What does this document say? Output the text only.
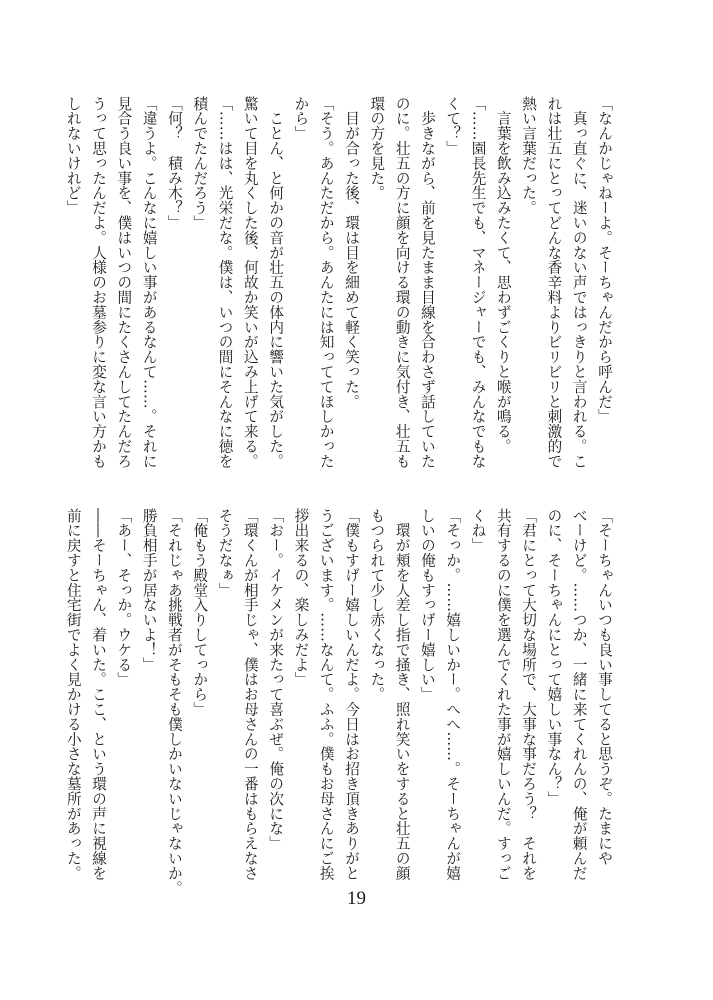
「なんかじゃねーよ。そーちゃんだから呼んだ」
　真っ直ぐに、迷いのない声ではっきりと言われる。こ
れは壮五にとってどんな香辛料よりビリビリと刺激的で
熱い言葉だった。
　言葉を飲み込みたくて、思わずごくりと喉が鳴る。
「……園長先生でも、マネージャーでも、みんなでもな
くて？」
　歩きながら、前を見たまま目線を合わさず話していた
のに。壮五の方に顔を向ける環の動きに気付き、壮五も
環の方を見た。
　目が合った後、環は目を細めて軽く笑った。
「そう。あんただから。あんたには知っててほしかった
から」
　ことん、と何かの音が壮五の体内に響いた気がした。
驚いて目を丸くした後、何故か笑いが込み上げて来る。
「……はは、光栄だな。僕は、いつの間にそんなに徳を
積んでたんだろう」
「何？　積み木？」
「違うよ。こんなに嬉しい事があるなんて……。それに
見合う良い事を、僕はいつの間にたくさんしてたんだろ
うって思ったんだよ。人様のお墓参りに変な言い方かも
しれないけれど」
「そーちゃんいつも良い事してると思うぞ。たまにや
べーけど。……つか、一緒に来てくれんの、俺が頼んだ
のに、そーちゃんにとって嬉しい事なん？」
「君にとって大切な場所で、大事な事だろう？　それを
共有するのに僕を選んでくれた事が嬉しいんだ。すっご
くね」
「そっか。……嬉しいかー。へへ……。そーちゃんが嬉
しいの俺もすっげー嬉しい」
　環が頬を人差し指で掻き、照れ笑いをすると壮五の顔
もつられて少し赤くなった。
「僕もすげー嬉しいんだよ。今日はお招き頂きありがと
うございます。……なんて。ふふ。僕もお母さんにご挨
拶出来るの、楽しみだよ」
「おー。イケメンが来たって喜ぶぜ。俺の次にな」
「環くんが相手じゃ、僕はお母さんの一番はもらえなさ
そうだなぁ」
「俺もう殿堂入りしてっから」
「それじゃあ挑戦者がそもそも僕しかいないじゃないか。
勝負相手が居ないよ！」
「あー、そっか。ウケる」
――そーちゃん、着いた。ここ、という環の声に視線を
前に戻すと住宅街でよく見かける小さな墓所があった。
19
